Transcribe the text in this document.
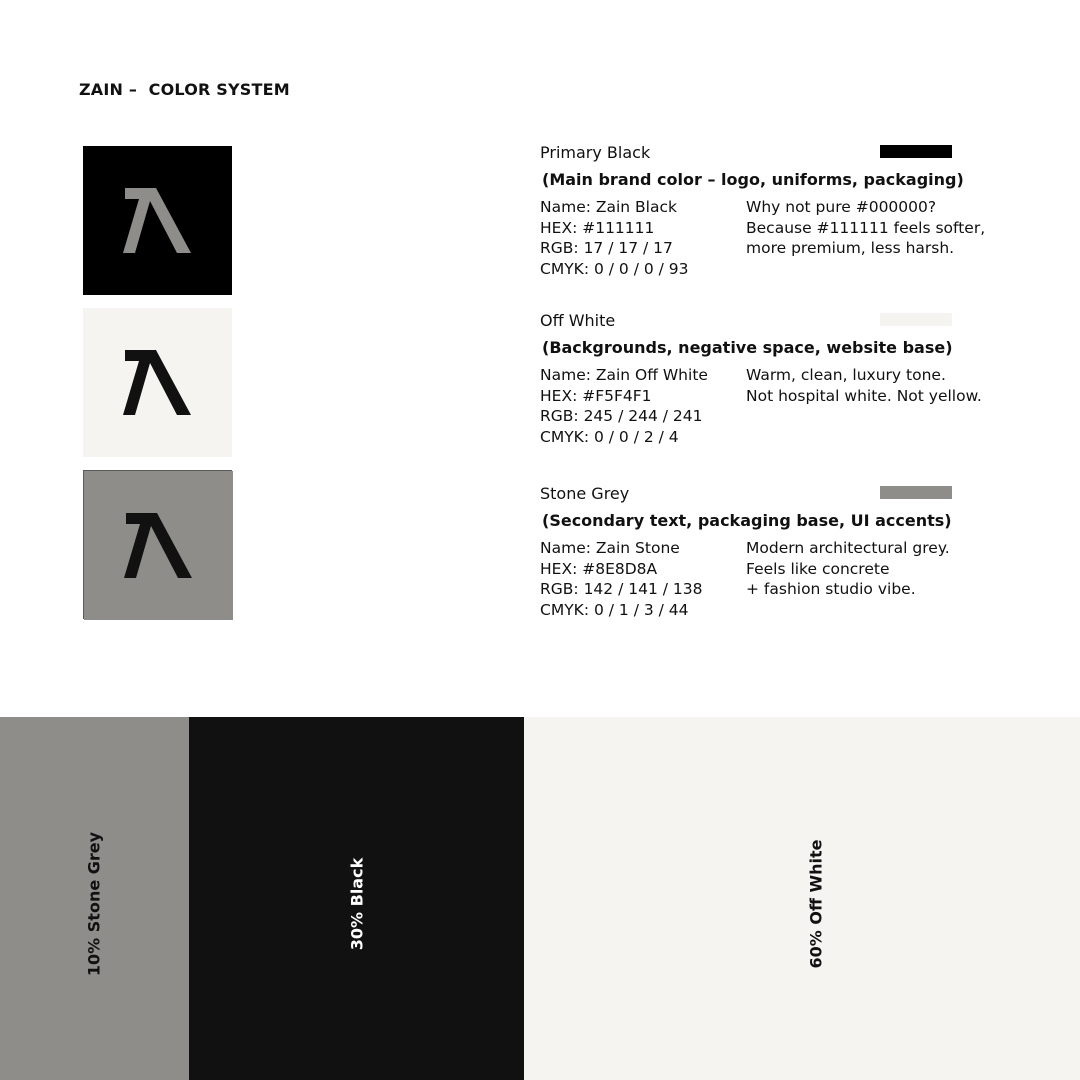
ZAIN –  COLOR SYSTEM
Primary Black
(Main brand color – logo, uniforms, packaging)
Name: Zain Black
HEX: #111111
RGB: 17 / 17 / 17
CMYK: 0 / 0 / 0 / 93
Why not pure #000000?
Because #111111 feels softer,
more premium, less harsh.
Off White
(Backgrounds, negative space, website base)
Name: Zain Off White
HEX: #F5F4F1
RGB: 245 / 244 / 241
CMYK: 0 / 0 / 2 / 4
Warm, clean, luxury tone.
Not hospital white. Not yellow.
Stone Grey
(Secondary text, packaging base, UI accents)
Name: Zain Stone
HEX: #8E8D8A
RGB: 142 / 141 / 138
CMYK: 0 / 1 / 3 / 44
Modern architectural grey.
Feels like concrete
+ fashion studio vibe.
10% Stone Grey	30% Black	60% Off White
